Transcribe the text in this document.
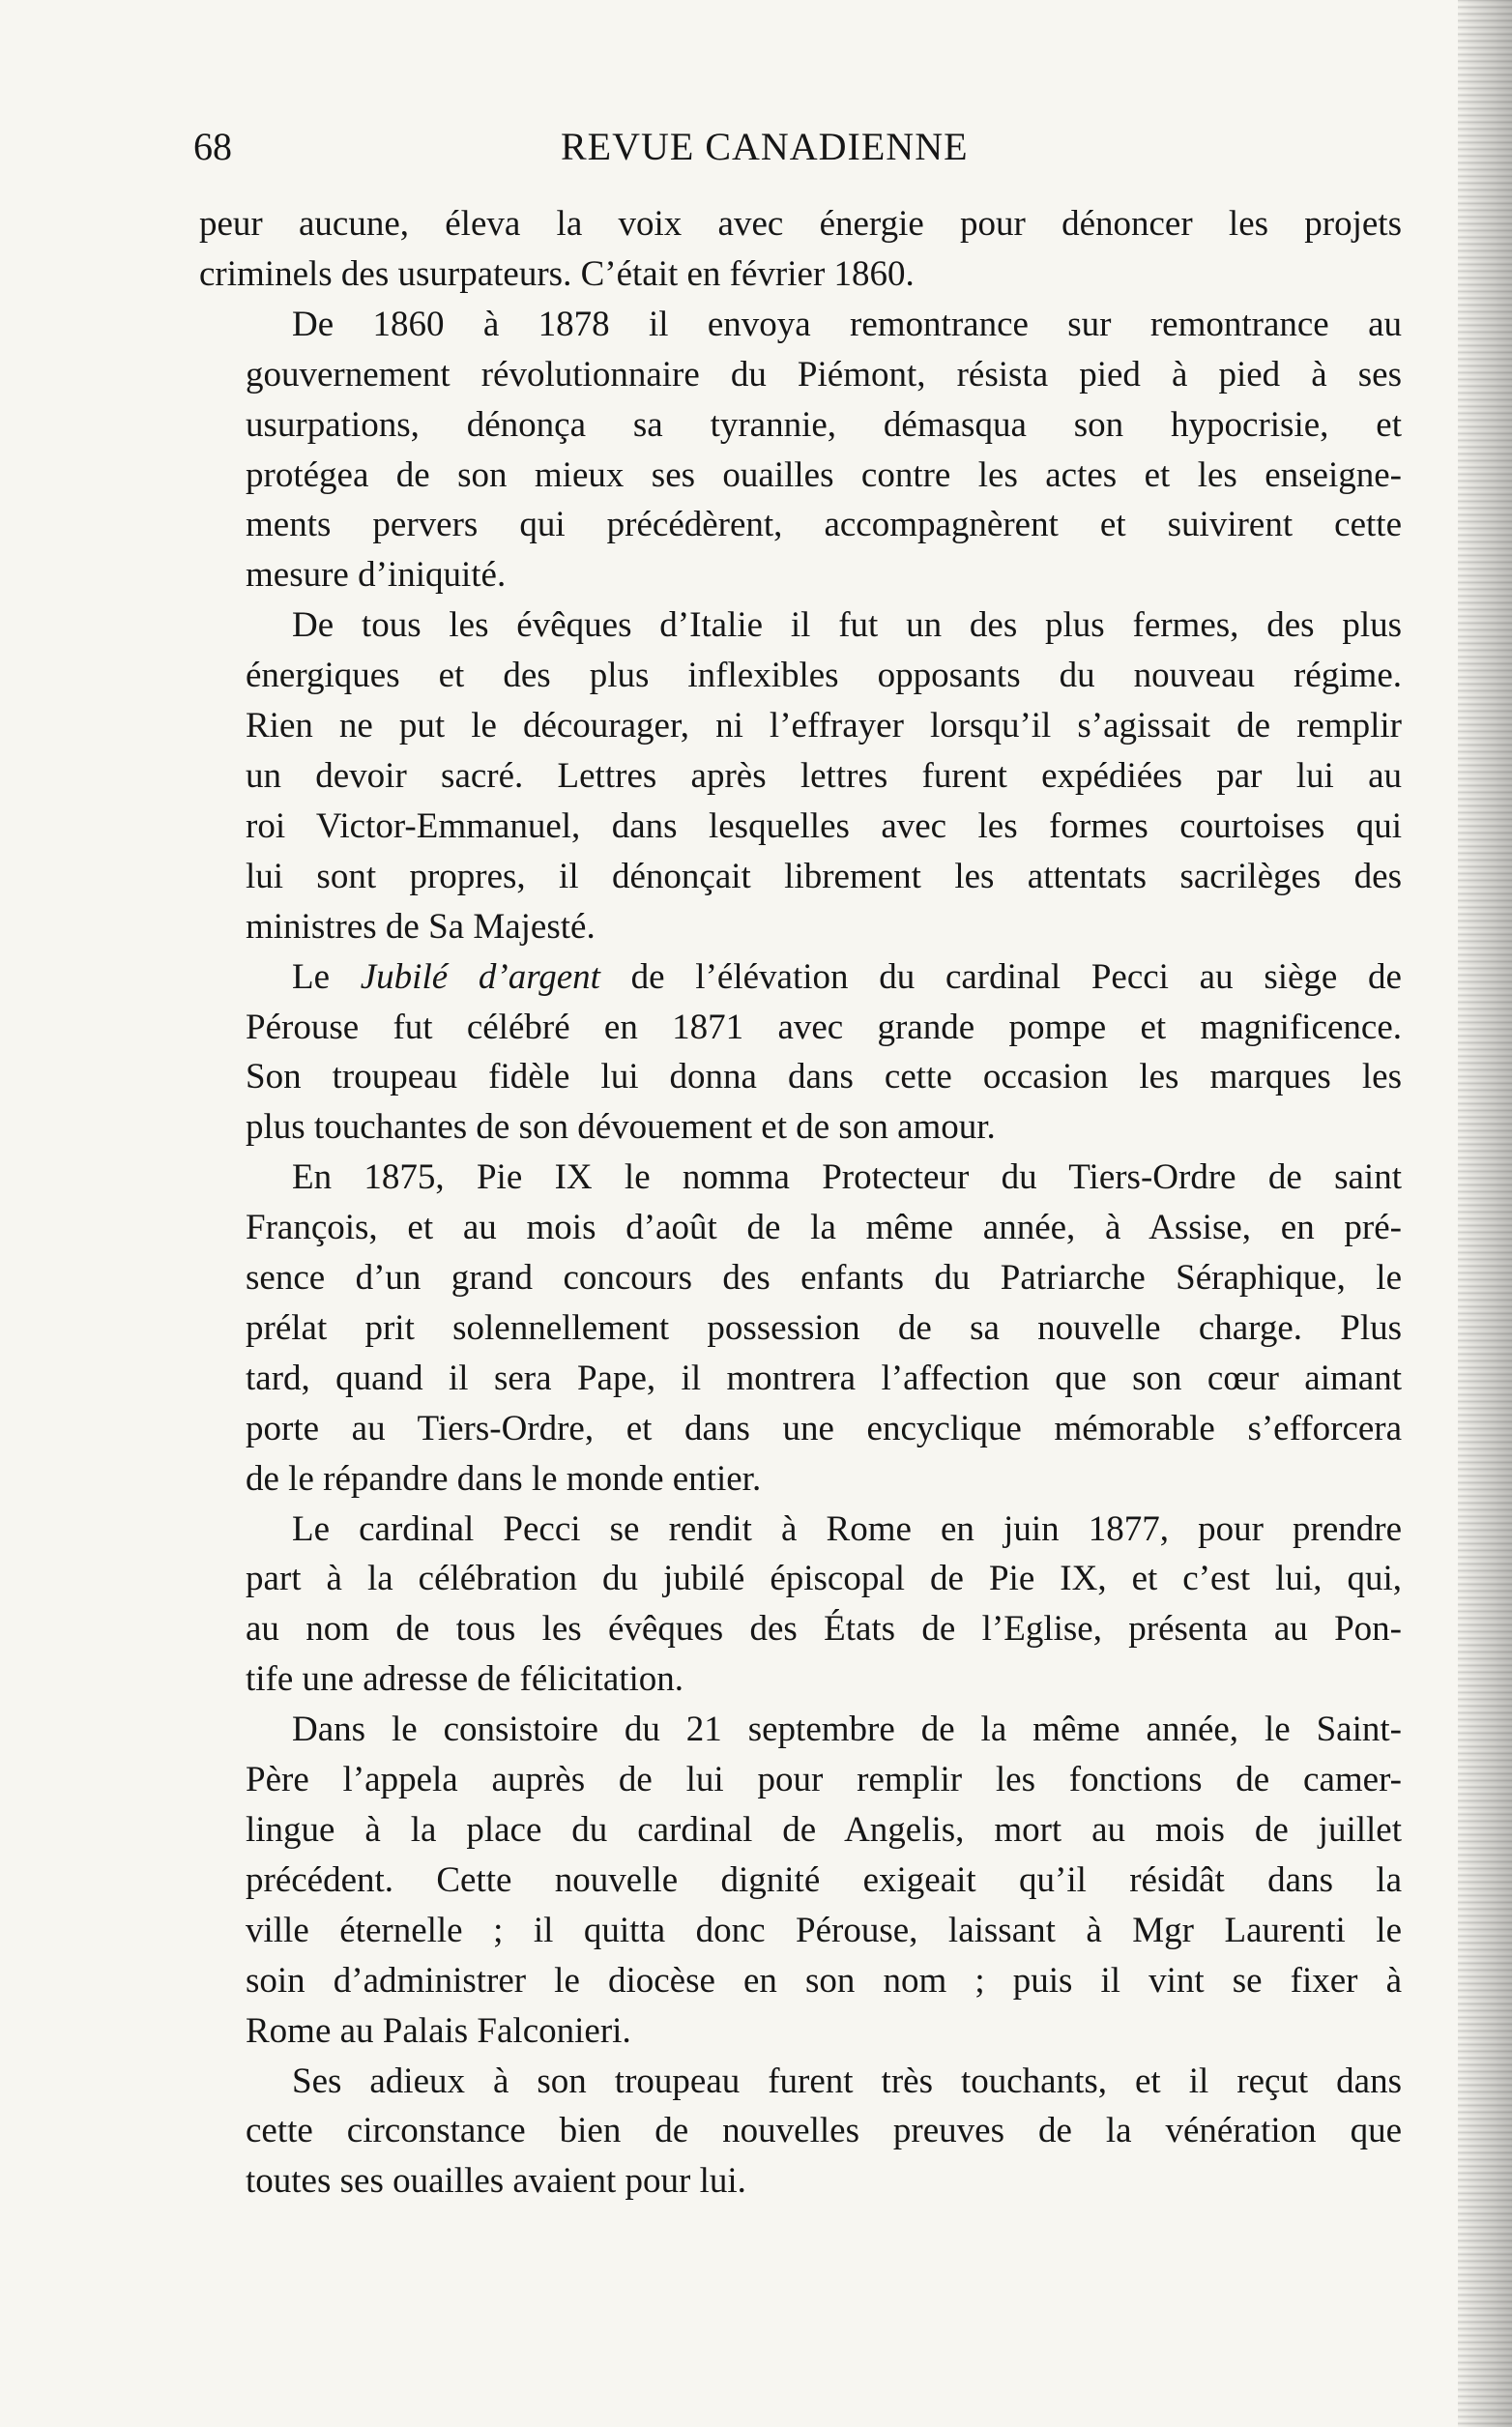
68	REVUE CANADIENNE
peur aucune, éleva la voix avec énergie pour dénoncer les projets
criminels des usurpateurs. C’était en février 1860.
De 1860 à 1878 il envoya remontrance sur remontrance au
gouvernement révolutionnaire du Piémont, résista pied à pied à ses
usurpations, dénonça sa tyrannie, démasqua son hypocrisie, et
protégea de son mieux ses ouailles contre les actes et les enseigne-
ments pervers qui précédèrent, accompagnèrent et suivirent cette
mesure d’iniquité.
De tous les évêques d’Italie il fut un des plus fermes, des plus
énergiques et des plus inflexibles opposants du nouveau régime.
Rien ne put le décourager, ni l’effrayer lorsqu’il s’agissait de remplir
un devoir sacré. Lettres après lettres furent expédiées par lui au
roi Victor-Emmanuel, dans lesquelles avec les formes courtoises qui
lui sont propres, il dénonçait librement les attentats sacrilèges des
ministres de Sa Majesté.
Le Jubilé d’argent de l’élévation du cardinal Pecci au siège de
Pérouse fut célébré en 1871 avec grande pompe et magnificence.
Son troupeau fidèle lui donna dans cette occasion les marques les
plus touchantes de son dévouement et de son amour.
En 1875, Pie IX le nomma Protecteur du Tiers-Ordre de saint
François, et au mois d’août de la même année, à Assise, en pré-
sence d’un grand concours des enfants du Patriarche Séraphique, le
prélat prit solennellement possession de sa nouvelle charge. Plus
tard, quand il sera Pape, il montrera l’affection que son cœur aimant
porte au Tiers-Ordre, et dans une encyclique mémorable s’efforcera
de le répandre dans le monde entier.
Le cardinal Pecci se rendit à Rome en juin 1877, pour prendre
part à la célébration du jubilé épiscopal de Pie IX, et c’est lui, qui,
au nom de tous les évêques des États de l’Eglise, présenta au Pon-
tife une adresse de félicitation.
Dans le consistoire du 21 septembre de la même année, le Saint-
Père l’appela auprès de lui pour remplir les fonctions de camer-
lingue à la place du cardinal de Angelis, mort au mois de juillet
précédent. Cette nouvelle dignité exigeait qu’il résidât dans la
ville éternelle ; il quitta donc Pérouse, laissant à Mgr Laurenti le
soin d’administrer le diocèse en son nom ; puis il vint se fixer à
Rome au Palais Falconieri.
Ses adieux à son troupeau furent très touchants, et il reçut dans
cette circonstance bien de nouvelles preuves de la vénération que
toutes ses ouailles avaient pour lui.
